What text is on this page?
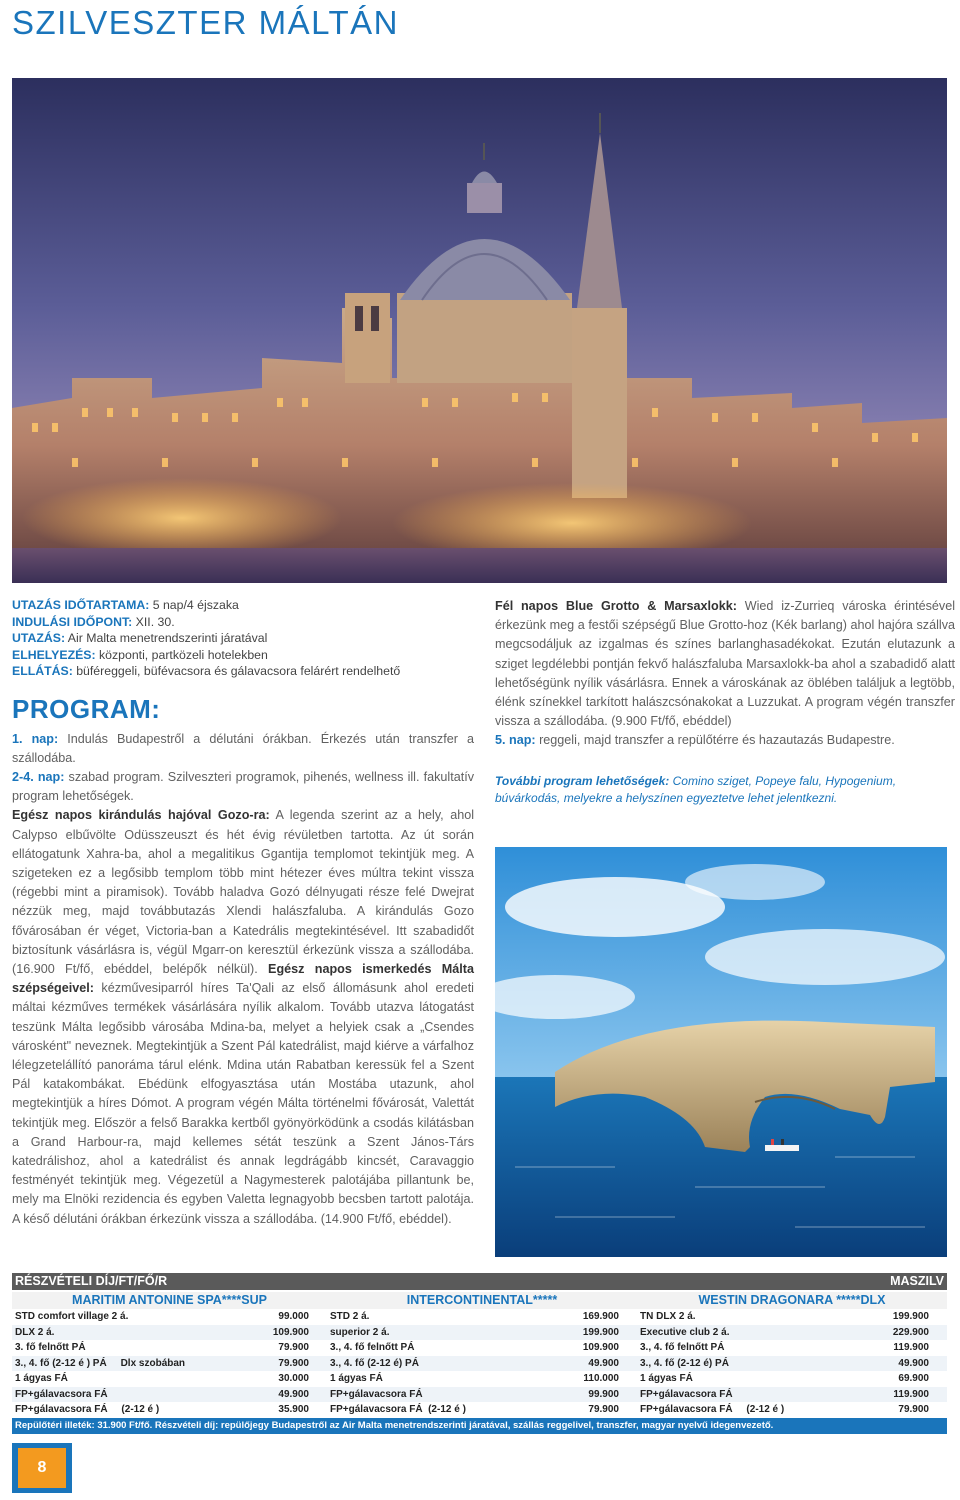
SZILVESZTER MÁLTÁN
UTAZÁS IDŐTARTAMA: 5 nap/4 éjszaka
INDULÁSI IDŐPONT: XII. 30.
UTAZÁS: Air Malta menetrendszerinti járatával
ELHELYEZÉS: központi, partközeli hotelekben
ELLÁTÁS: büféreggeli, büfévacsora és gálavacsora felárért rendelhető
PROGRAM:

1. nap: Indulás Budapestről a délutáni órákban. Érkezés után transzfer a szállodába.

2-4. nap: szabad program. Szilveszteri programok, pihenés, wellness ill. fakultatív program lehetőségek.

Egész napos kirándulás hajóval Gozo-ra: A legenda szerint az a hely, ahol Calypso elbűvölte Odüsszeuszt és hét évig révületben tartotta. Az út során ellátogatunk Xahra-ba, ahol a megalitikus Ggantija templomot tekintjük meg. A szigeteken ez a legősibb templom több mint hétezer éves múltra tekint vissza (régebbi mint a piramisok). Tovább haladva Gozó délnyugati része felé Dwejrat nézzük meg, majd továbbutazás Xlendi halászfaluba. A kirándulás Gozo fővárosában ér véget, Victoria-ban a Katedrális megtekintésével. Itt szabadidőt biztosítunk vásárlásra is, végül Mgarr-on keresztül érkezünk vissza a szállodába. (16.900 Ft/fő, ebéddel, belépők nélkül). Egész napos ismerkedés Málta szépségeivel: kézművesiparról híres Ta'Qali az első állomásunk ahol eredeti máltai kézműves termékek vásárlására nyílik alkalom. Tovább utazva látogatást teszünk Málta legősibb városába Mdina-ba, melyet a helyiek csak a „Csendes városként" neveznek. Megtekintjük a Szent Pál katedrálist, majd kiérve a várfalhoz lélegzetelállító panoráma tárul elénk. Mdina után Rabatban keressük fel a Szent Pál katakombákat. Ebédünk elfogyasztása után Mostába utazunk, ahol megtekintjük a híres Dómot. A program végén Málta történelmi fővárosát, Valettát tekintjük meg. Először a felső Barakka kertből gyönyörködünk a csodás kilátásban a Grand Harbour-ra, majd kellemes sétát teszünk a Szent János-Társ katedrálishoz, ahol a katedrálist és annak legdrágább kincsét, Caravaggio festményét tekintjük meg. Végezetül a Nagymesterek palotájába pillantunk be, mely ma Elnöki rezidencia és egyben Valetta legnagyobb becsben tartott palotája. A késő délutáni órákban érkezünk vissza a szállodába. (14.900 Ft/fő, ebéddel).

Fél napos Blue Grotto & Marsaxlokk: Wied iz-Zurrieq városka érintésével érkezünk meg a festői szépségű Blue Grotto-hoz (Kék barlang) ahol hajóra szállva megcsodáljuk az izgalmas és színes barlanghasadékokat. Ezután elutazunk a sziget legdélebbi pontján fekvő halászfaluba Marsaxlokk-ba ahol a szabadidő alatt lehetőségünk nyílik vásárlásra. Ennek a városkának az öblében találjuk a legtöbb, élénk színekkel tarkított halászcsónakokat a Luzzukat. A program végén transzfer vissza a szállodába. (9.900 Ft/fő, ebéddel)

5. nap: reggeli, majd transzfer a repülőtérre és hazautazás Budapestre.

További program lehetőségek: Comino sziget, Popeye falu, Hypogenium, búvárkodás, melyekre a helyszínen egyeztetve lehet jelentkezni.

RÉSZVÉTELI DÍJ/FT/FŐ/R			MASZILV		
MARITIM ANTONINE SPA****SUP		INTERCONTINENTAL*****		WESTIN DRAGONARA *****DLX	
STD comfort village 2 á.	99.000	STD 2 á.	169.900	TN DLX 2 á.	199.900
DLX 2 á.	109.900	superior 2 á.	199.900	Executive club 2 á.	229.900
3. fő felnőtt PÁ	79.900	3., 4. fő felnőtt PÁ	109.900	3., 4. fő felnőtt PÁ	119.900
3., 4. fő (2-12 é ) PÁ     Dlx szobában	79.900	3., 4. fő (2-12 é) PÁ	49.900	3., 4. fő (2-12 é) PÁ	49.900
1 ágyas FÁ	30.000	1 ágyas FÁ	110.000	1 ágyas FÁ	69.900
FP+gálavacsora FÁ	49.900	FP+gálavacsora FÁ	99.900	FP+gálavacsora FÁ	119.900
FP+gálavacsora FÁ     (2-12 é )	35.900	FP+gálavacsora FÁ  (2-12 é )	79.900	FP+gálavacsora FÁ     (2-12 é )	79.900
Repülőtéri illeték: 31.900 Ft/fő. Részvételi díj: repülőjegy Budapestről az Air Malta menetrendszerinti járatával, szállás reggelivel, transzfer, magyar nyelvű idegenvezető.					
8
